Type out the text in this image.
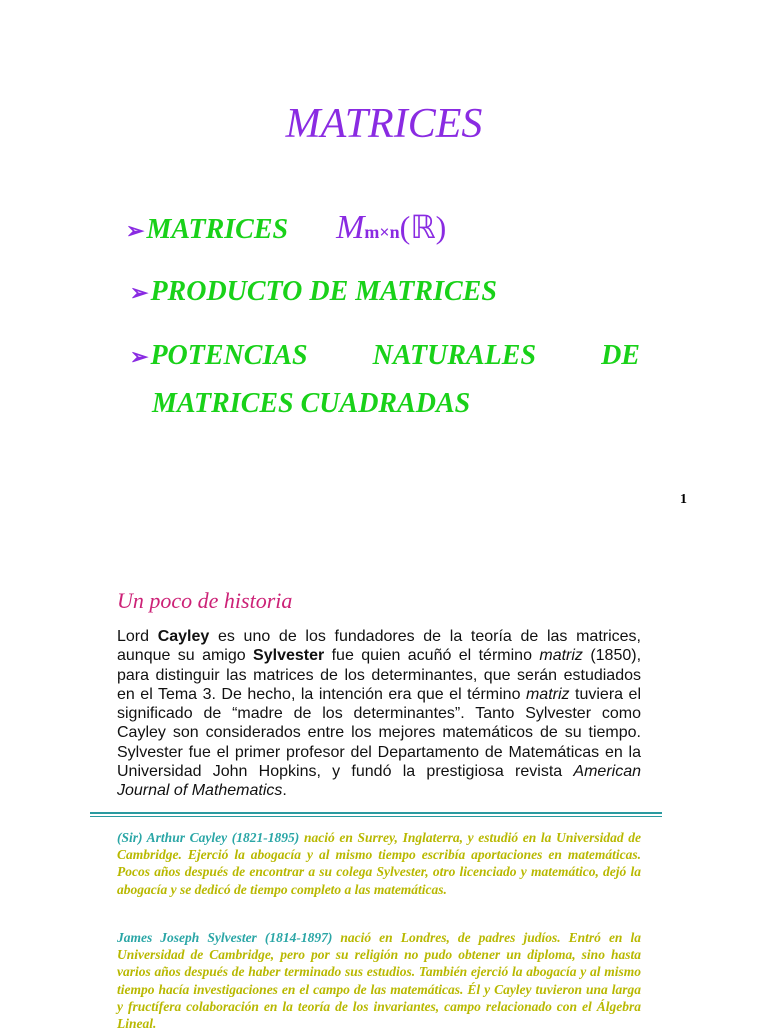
MATRICES
➢MATRICES Mm×n(ℝ)
➢PRODUCTO DE MATRICES
➢POTENCIAS NATURALES DE
MATRICES CUADRADAS
1
Un poco de historia

Lord Cayley es uno de los fundadores de la teoría de las matrices, aunque su amigo Sylvester fue quien acuñó el término matriz (1850), para distinguir las matrices de los determinantes, que serán estudiados en el Tema 3. De hecho, la intención era que el término matriz tuviera el significado de “madre de los determinantes”. Tanto Sylvester como Cayley son considerados entre los mejores matemáticos de su tiempo. Sylvester fue el primer profesor del Departamento de Matemáticas en la Universidad John Hopkins, y fundó la prestigiosa revista American Journal of Mathematics.

(Sir) Arthur Cayley (1821-1895) nació en Surrey, Inglaterra, y estudió en la Universidad de Cambridge. Ejerció la abogacía y al mismo tiempo escribía aportaciones en matemáticas. Pocos años después de encontrar a su colega Sylvester, otro licenciado y matemático, dejó la abogacía y se dedicó de tiempo completo a las matemáticas.

James Joseph Sylvester (1814-1897) nació en Londres, de padres judíos. Entró en la Universidad de Cambridge, pero por su religión no pudo obtener un diploma, sino hasta varios años después de haber terminado sus estudios. También ejerció la abogacía y al mismo tiempo hacía investigaciones en el campo de las matemáticas. Él y Cayley tuvieron una larga y fructífera colaboración en la teoría de los invariantes, campo relacionado con el Álgebra Lineal.
